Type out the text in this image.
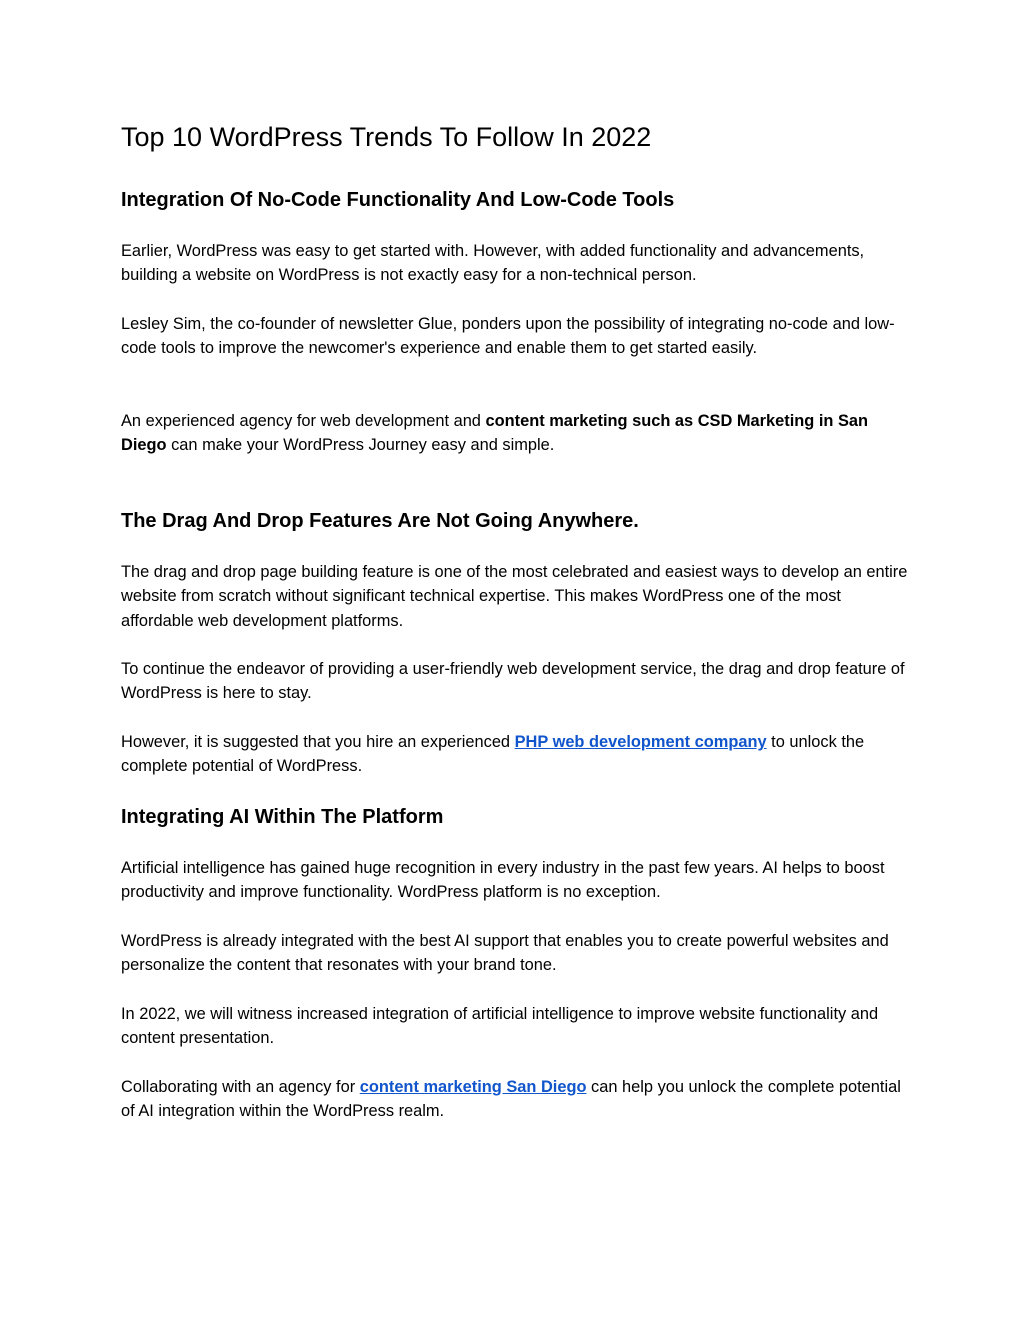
Top 10 WordPress Trends To Follow In 2022
Integration Of No-Code Functionality And Low-Code Tools

Earlier, WordPress was easy to get started with. However, with added functionality and advancements, building a website on WordPress is not exactly easy for a non-technical person.

Lesley Sim, the co-founder of newsletter Glue, ponders upon the possibility of integrating no-code and low-code tools to improve the newcomer's experience and enable them to get started easily.

An experienced agency for web development and content marketing such as CSD Marketing in San Diego can make your WordPress Journey easy and simple.

The Drag And Drop Features Are Not Going Anywhere.

The drag and drop page building feature is one of the most celebrated and easiest ways to develop an entire website from scratch without significant technical expertise. This makes WordPress one of the most affordable web development platforms.

To continue the endeavor of providing a user-friendly web development service, the drag and drop feature of WordPress is here to stay.

However, it is suggested that you hire an experienced PHP web development company to unlock the complete potential of WordPress.

Integrating AI Within The Platform

Artificial intelligence has gained huge recognition in every industry in the past few years. AI helps to boost productivity and improve functionality. WordPress platform is no exception.

WordPress is already integrated with the best AI support that enables you to create powerful websites and personalize the content that resonates with your brand tone.

In 2022, we will witness increased integration of artificial intelligence to improve website functionality and content presentation.

Collaborating with an agency for content marketing San Diego can help you unlock the complete potential of AI integration within the WordPress realm.
